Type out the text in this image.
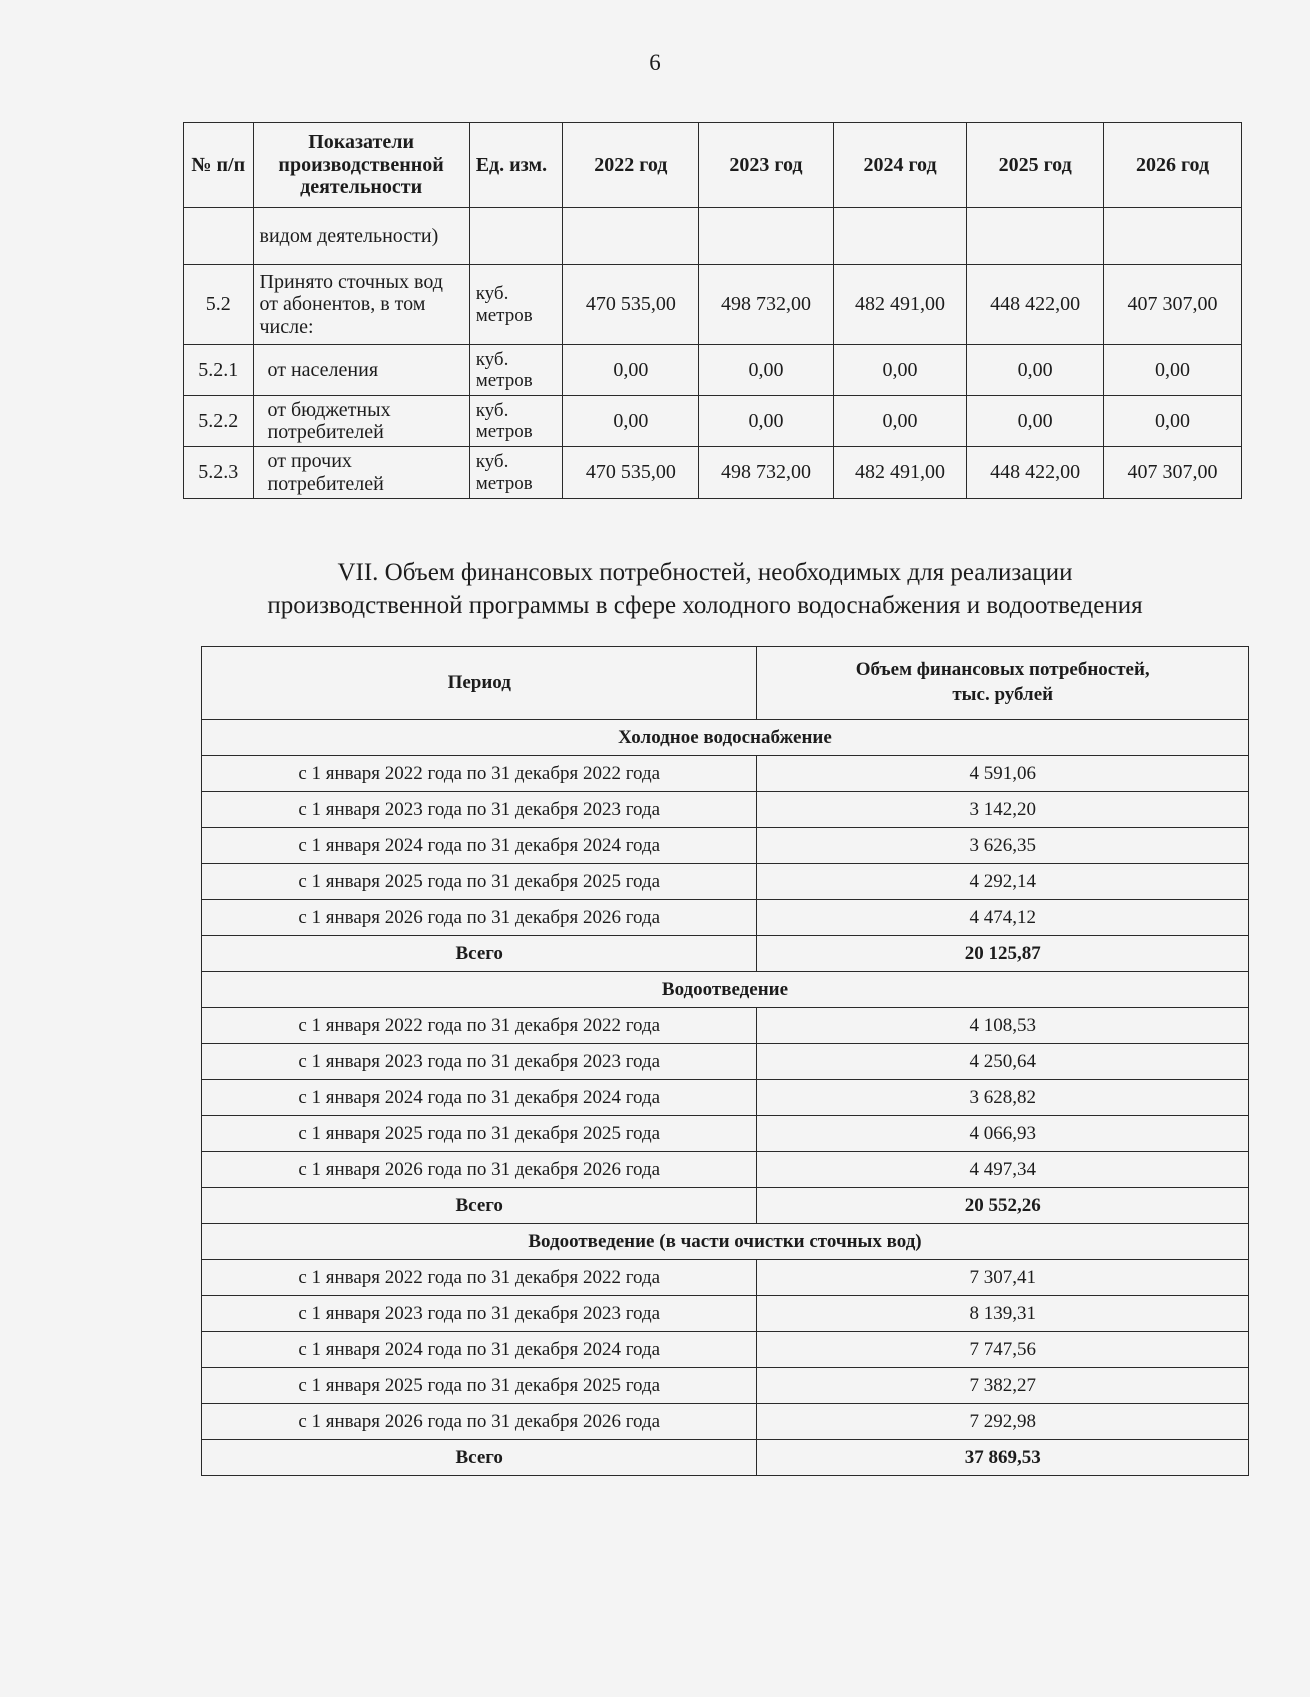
6
№ п/п	Показатели производственной деятельности	Ед. изм.	2022 год	2023 год	2024 год	2025 год	2026 год
	видом деятельности)						
5.2	Принято сточных вод от абонентов, в том числе:	куб. метров	470 535,00	498 732,00	482 491,00	448 422,00	407 307,00
5.2.1	от населения	куб. метров	0,00	0,00	0,00	0,00	0,00
5.2.2	от бюджетных потребителей	куб. метров	0,00	0,00	0,00	0,00	0,00
5.2.3	от прочих потребителей	куб. метров	470 535,00	498 732,00	482 491,00	448 422,00	407 307,00
VII. Объем финансовых потребностей, необходимых для реализации
производственной программы в сфере холодного водоснабжения и водоотведения
Период	Объем финансовых потребностей,
тыс. рублей

Холодное водоснабжение	
с 1 января 2022 года по 31 декабря 2022 года	4 591,06
с 1 января 2023 года по 31 декабря 2023 года	3 142,20
с 1 января 2024 года по 31 декабря 2024 года	3 626,35
с 1 января 2025 года по 31 декабря 2025 года	4 292,14
с 1 января 2026 года по 31 декабря 2026 года	4 474,12
Всего	20 125,87
Водоотведение	
с 1 января 2022 года по 31 декабря 2022 года	4 108,53
с 1 января 2023 года по 31 декабря 2023 года	4 250,64
с 1 января 2024 года по 31 декабря 2024 года	3 628,82
с 1 января 2025 года по 31 декабря 2025 года	4 066,93
с 1 января 2026 года по 31 декабря 2026 года	4 497,34
Всего	20 552,26
Водоотведение (в части очистки сточных вод)	
с 1 января 2022 года по 31 декабря 2022 года	7 307,41
с 1 января 2023 года по 31 декабря 2023 года	8 139,31
с 1 января 2024 года по 31 декабря 2024 года	7 747,56
с 1 января 2025 года по 31 декабря 2025 года	7 382,27
с 1 января 2026 года по 31 декабря 2026 года	7 292,98
Всего	37 869,53
